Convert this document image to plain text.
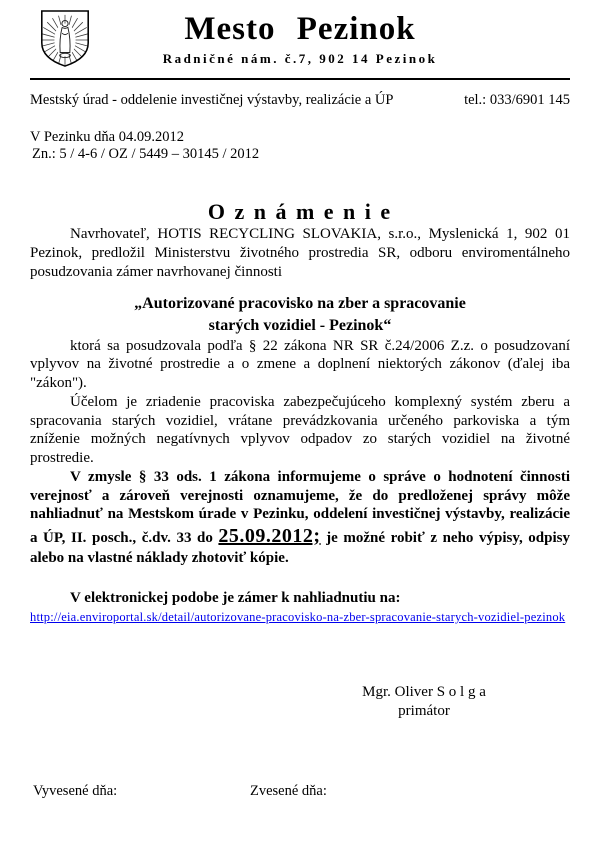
Mesto Pezinok
Radničné nám. č.7, 902 14 Pezinok
Mestský úrad - oddelenie investičnej výstavby, realizácie a ÚP	tel.: 033/6901 145
V Pezinku dňa 04.09.2012
Zn.: 5 / 4-6 / OZ / 5449 – 30145 / 2012
O z n á m e n i e

Navrhovateľ, HOTIS RECYCLING SLOVAKIA, s.r.o., Myslenická 1, 902 01 Pezinok, predložil Ministerstvu životného prostredia SR, odboru enviromentálneho posudzovania zámer navrhovanej činnosti

„Autorizované pracovisko na zber a spracovanie
starých vozidiel - Pezinok“

ktorá sa posudzovala podľa § 22 zákona NR SR č.24/2006 Z.z. o posudzovaní vplyvov na životné prostredie a o zmene a doplnení niektorých zákonov (ďalej iba "zákon").

Účelom je zriadenie pracoviska zabezpečujúceho komplexný systém zberu a spracovania starých vozidiel, vrátane prevádzkovania určeného parkoviska a tým zníženie možných negatívnych vplyvov odpadov zo starých vozidiel na životné prostredie.

V zmysle § 33 ods. 1 zákona informujeme o správe o hodnotení činnosti verejnosť a zároveň verejnosti oznamujeme, že do predloženej správy môže nahliadnuť na Mestskom úrade v Pezinku, oddelení investičnej výstavby, realizácie a ÚP, II. posch., č.dv. 33 do 25.09.2012; je možné robiť z neho výpisy, odpisy alebo na vlastné náklady zhotoviť kópie.

V elektronickej podobe je zámer k nahliadnutiu na:

http://eia.enviroportal.sk/detail/autorizovane-pracovisko-na-zber-spracovanie-starych-vozidiel-pezinok
Mgr. Oliver S o l g a
primátor
Vyvesené dňa:	Zvesené dňa:
